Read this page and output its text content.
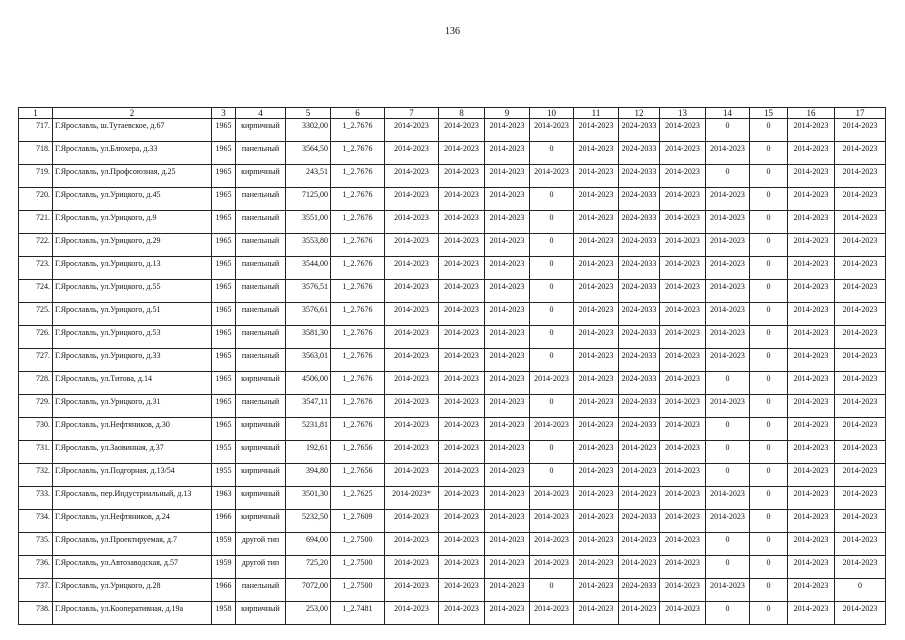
136
1	2	3	4	5	6	7	8	9	10	11	12	13	14	15	16	17
717.	Г.Ярославль, ш.Тутаевское, д.67	1965	кирпичный	3302,00	1_2.7676	2014-2023	2014-2023	2014-2023	2014-2023	2014-2023	2024-2033	2014-2023	0	0	2014-2023	2014-2023
718.	Г.Ярославль, ул.Блюхера, д.33	1965	панельный	3564,50	1_2.7676	2014-2023	2014-2023	2014-2023	0	2014-2023	2024-2033	2014-2023	2014-2023	0	2014-2023	2014-2023
719.	Г.Ярославль, ул.Профсоюзная, д.25	1965	кирпичный	243,51	1_2.7676	2014-2023	2014-2023	2014-2023	2014-2023	2014-2023	2024-2033	2014-2023	0	0	2014-2023	2014-2023
720.	Г.Ярославль, ул.Урицкого, д.45	1965	панельный	7125,00	1_2.7676	2014-2023	2014-2023	2014-2023	0	2014-2023	2024-2033	2014-2023	2014-2023	0	2014-2023	2014-2023
721.	Г.Ярославль, ул.Урицкого, д.9	1965	панельный	3551,00	1_2.7676	2014-2023	2014-2023	2014-2023	0	2014-2023	2024-2033	2014-2023	2014-2023	0	2014-2023	2014-2023
722.	Г.Ярославль, ул.Урицкого, д.29	1965	панельный	3553,80	1_2.7676	2014-2023	2014-2023	2014-2023	0	2014-2023	2024-2033	2014-2023	2014-2023	0	2014-2023	2014-2023
723.	Г.Ярославль, ул.Урицкого, д.13	1965	панельный	3544,00	1_2.7676	2014-2023	2014-2023	2014-2023	0	2014-2023	2024-2033	2014-2023	2014-2023	0	2014-2023	2014-2023
724.	Г.Ярославль, ул.Урицкого, д.55	1965	панельный	3576,51	1_2.7676	2014-2023	2014-2023	2014-2023	0	2014-2023	2024-2033	2014-2023	2014-2023	0	2014-2023	2014-2023
725.	Г.Ярославль, ул.Урицкого, д.51	1965	панельный	3576,61	1_2.7676	2014-2023	2014-2023	2014-2023	0	2014-2023	2024-2033	2014-2023	2014-2023	0	2014-2023	2014-2023
726.	Г.Ярославль, ул.Урицкого, д.53	1965	панельный	3581,30	1_2.7676	2014-2023	2014-2023	2014-2023	0	2014-2023	2024-2033	2014-2023	2014-2023	0	2014-2023	2014-2023
727.	Г.Ярославль, ул.Урицкого, д.33	1965	панельный	3563,01	1_2.7676	2014-2023	2014-2023	2014-2023	0	2014-2023	2024-2033	2014-2023	2014-2023	0	2014-2023	2014-2023
728.	Г.Ярославль, ул.Титова, д.14	1965	кирпичный	4506,00	1_2.7676	2014-2023	2014-2023	2014-2023	2014-2023	2014-2023	2024-2033	2014-2023	0	0	2014-2023	2014-2023
729.	Г.Ярославль, ул.Урицкого, д.31	1965	панельный	3547,11	1_2.7676	2014-2023	2014-2023	2014-2023	0	2014-2023	2024-2033	2014-2023	2014-2023	0	2014-2023	2014-2023
730.	Г.Ярославль, ул.Нефтяников, д.30	1965	кирпичный	5231,81	1_2.7676	2014-2023	2014-2023	2014-2023	2014-2023	2014-2023	2024-2033	2014-2023	0	0	2014-2023	2014-2023
731.	Г.Ярославль, ул.Заовинная, д.37	1955	кирпичный	192,61	1_2.7656	2014-2023	2014-2023	2014-2023	0	2014-2023	2014-2023	2014-2023	0	0	2014-2023	2014-2023
732.	Г.Ярославль, ул.Подгорная, д.13/54	1955	кирпичный	394,80	1_2.7656	2014-2023	2014-2023	2014-2023	0	2014-2023	2014-2023	2014-2023	0	0	2014-2023	2014-2023
733.	Г.Ярославль, пер.Индустриальный, д.13	1963	кирпичный	3501,30	1_2.7625	2014-2023*	2014-2023	2014-2023	2014-2023	2014-2023	2014-2023	2014-2023	2014-2023	0	2014-2023	2014-2023
734.	Г.Ярославль, ул.Нефтяников, д.24	1966	кирпичный	5232,50	1_2.7609	2014-2023	2014-2023	2014-2023	2014-2023	2014-2023	2024-2033	2014-2023	2014-2023	0	2014-2023	2014-2023
735.	Г.Ярославль, ул.Проектируемая, д.7	1959	другой тип	694,00	1_2.7500	2014-2023	2014-2023	2014-2023	2014-2023	2014-2023	2014-2023	2014-2023	0	0	2014-2023	2014-2023
736.	Г.Ярославль, ул.Автозаводская, д.57	1959	другой тип	725,20	1_2.7500	2014-2023	2014-2023	2014-2023	2014-2023	2014-2023	2014-2023	2014-2023	0	0	2014-2023	2014-2023
737.	Г.Ярославль, ул.Урицкого, д.28	1966	панельный	7072,00	1_2.7500	2014-2023	2014-2023	2014-2023	0	2014-2023	2024-2033	2014-2023	2014-2023	0	2014-2023	0
738.	Г.Ярославль, ул.Кооперативная, д.19а	1958	кирпичный	253,00	1_2.7481	2014-2023	2014-2023	2014-2023	2014-2023	2014-2023	2014-2023	2014-2023	0	0	2014-2023	2014-2023
